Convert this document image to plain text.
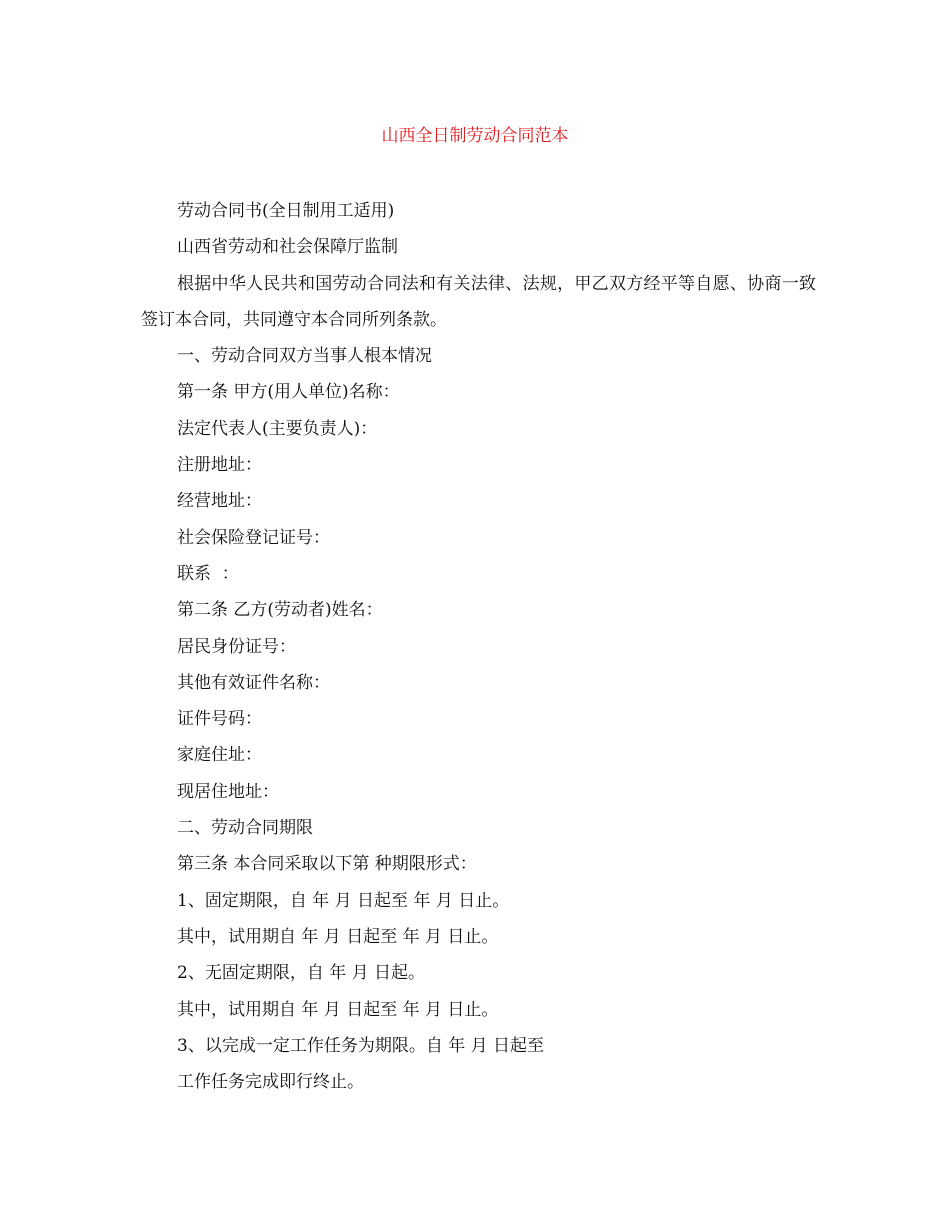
山西全日制劳动合同范本

劳动合同书(全日制用工适用)

山西省劳动和社会保障厅监制

根据中华人民共和国劳动合同法和有关法律、法规，甲乙双方经平等自愿、协商一致签订本合同，共同遵守本合同所列条款。

一、劳动合同双方当事人根本情况

第一条 甲方(用人单位)名称：

法定代表人(主要负责人)：

注册地址：

经营地址：

社会保险登记证号：

联系  ：

第二条 乙方(劳动者)姓名：

居民身份证号：

其他有效证件名称：

证件号码：

家庭住址：

现居住地址：

二、劳动合同期限

第三条 本合同采取以下第 种期限形式：

1、固定期限，自 年 月 日起至 年 月 日止。

其中，试用期自 年 月 日起至 年 月 日止。

2、无固定期限，自 年 月 日起。

其中，试用期自 年 月 日起至 年 月 日止。

3、以完成一定工作任务为期限。自 年 月 日起至

工作任务完成即行终止。
